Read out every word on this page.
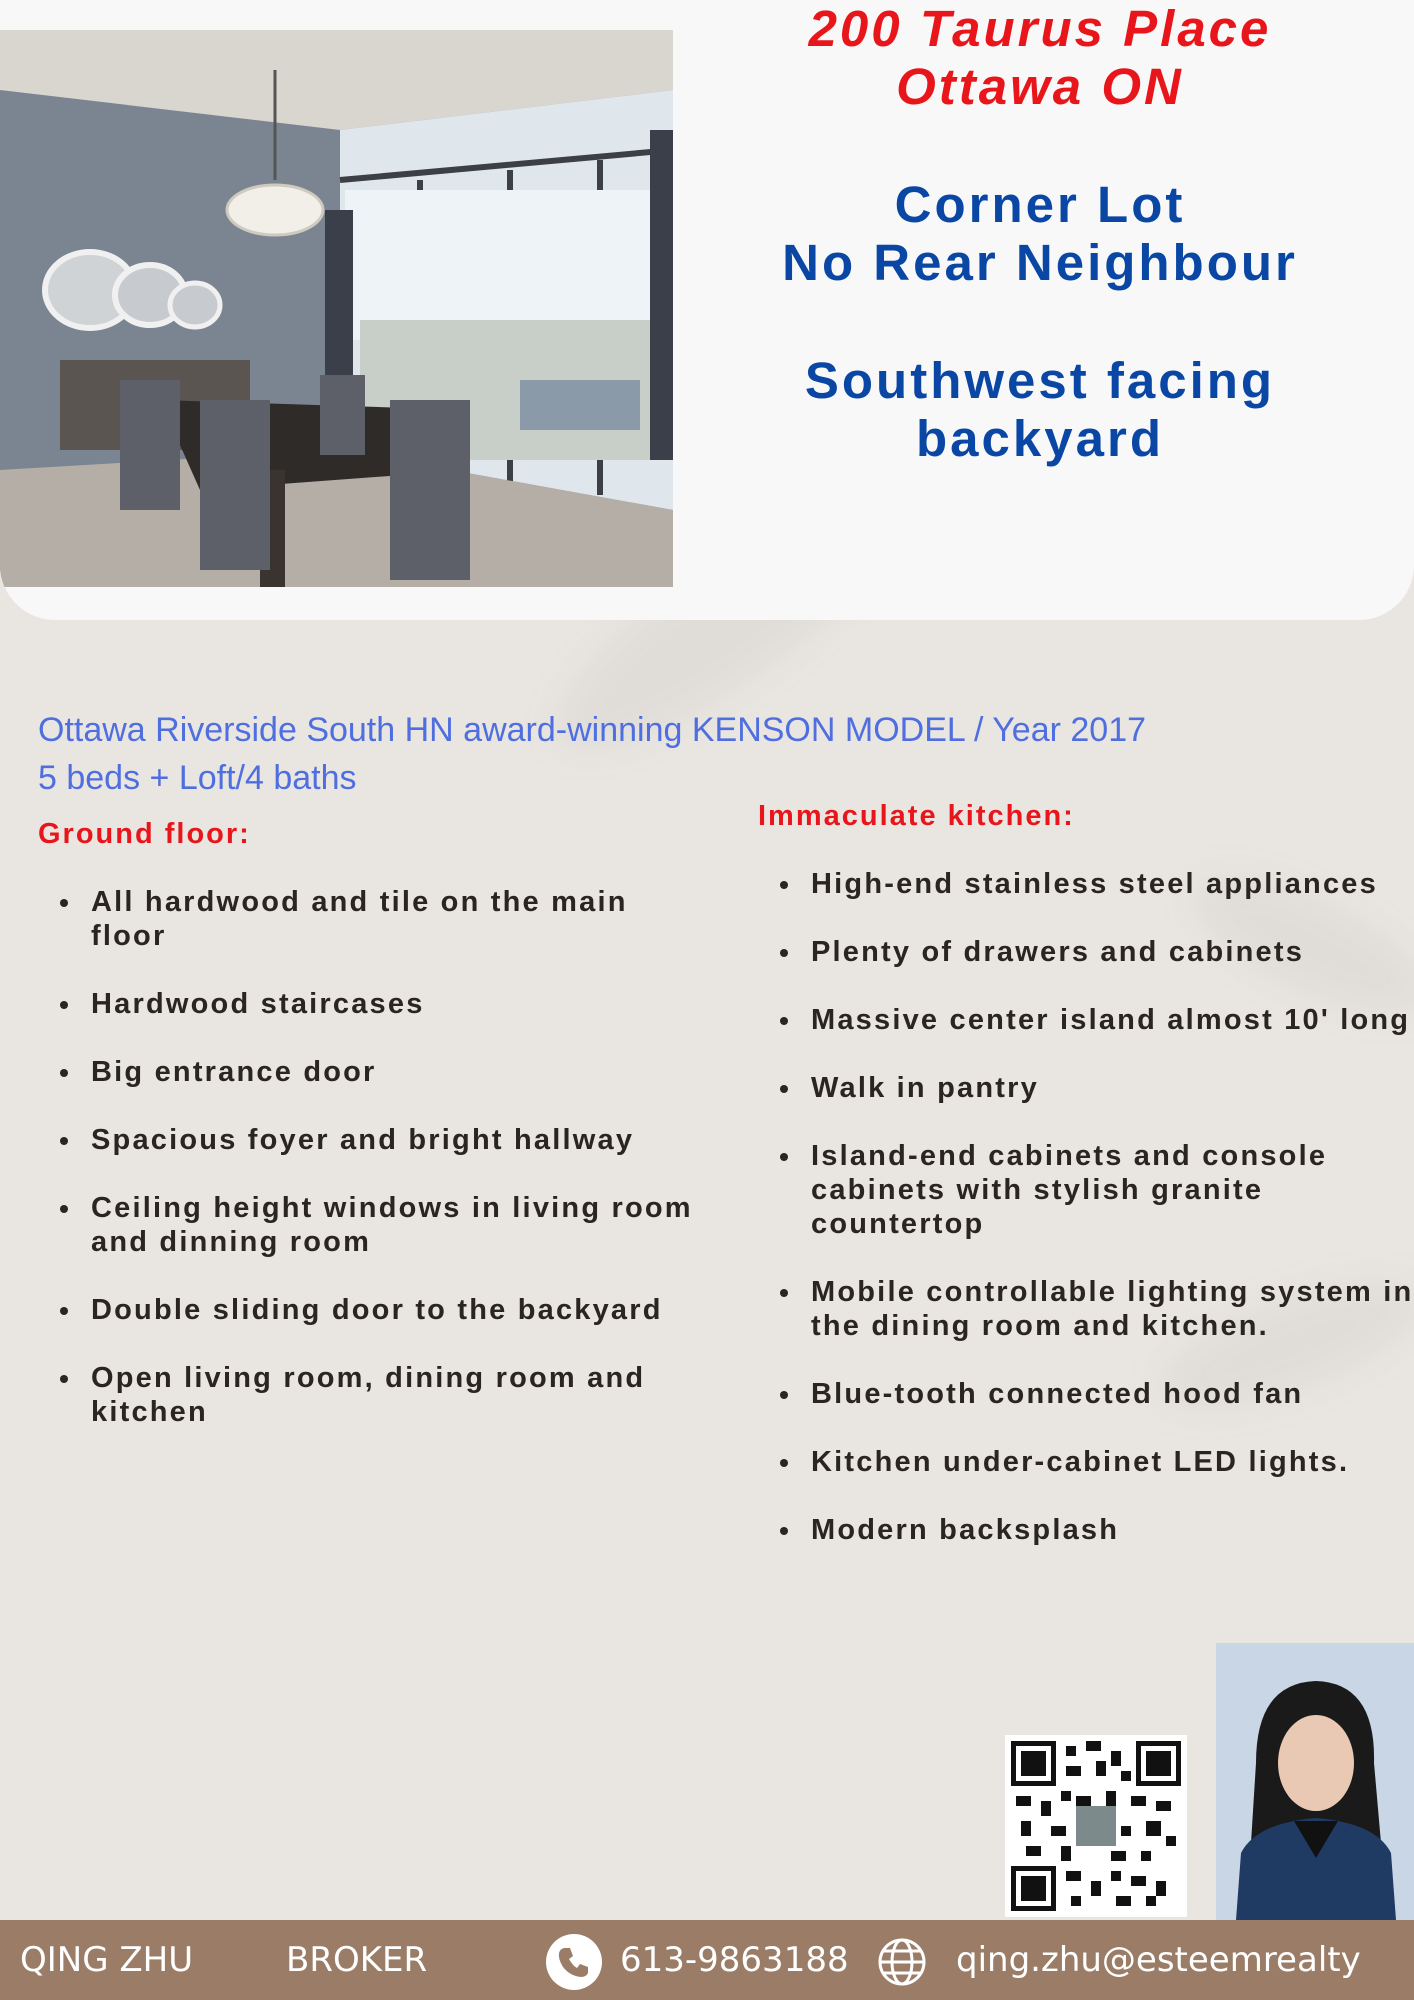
200 Taurus Place
Ottawa ON
Corner Lot
No Rear Neighbour
Southwest facing
backyard
Ottawa Riverside South HN award-winning KENSON MODEL / Year 2017
5 beds + Loft/4 baths
Ground floor:
All hardwood and tile on the main floor
Hardwood staircases
Big entrance door
Spacious foyer and bright hallway
Ceiling height windows in living room and dinning room
Double sliding door to the backyard
Open living room, dining room and kitchen
Immaculate kitchen:
High-end stainless steel appliances
Plenty of drawers and cabinets
Massive center island almost 10' long
Walk in pantry
Island-end cabinets and console cabinets with stylish granite countertop
Mobile controllable lighting system in the dining room and kitchen.
Blue-tooth connected hood fan
Kitchen under-cabinet LED lights.
Modern backsplash
QING ZHU	BROKER	613-9863188	qing.zhu@esteemrealty
